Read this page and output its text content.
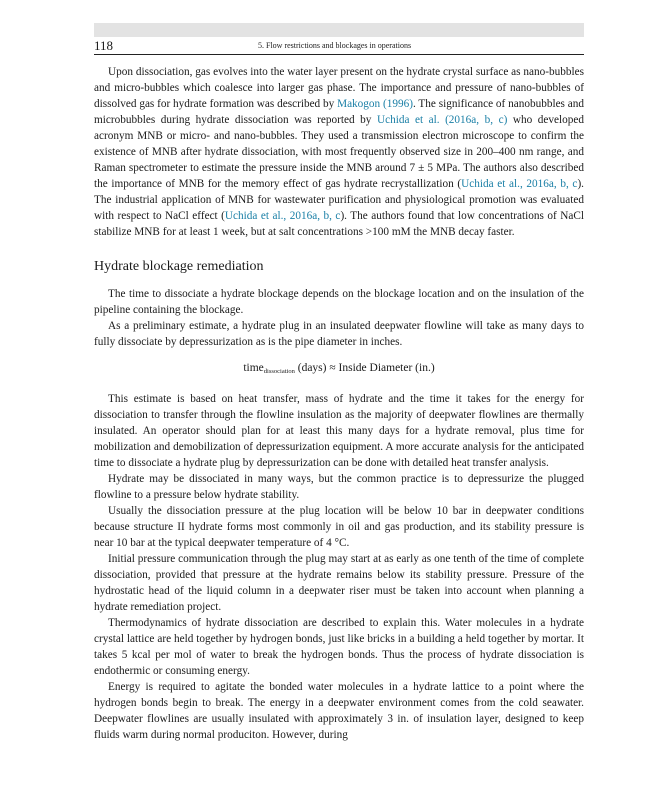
118	5. Flow restrictions and blockages in operations

Upon dissociation, gas evolves into the water layer present on the hydrate crystal surface as nano-bubbles and micro-bubbles which coalesce into larger gas phase. The importance and pressure of nano-bubbles of dissolved gas for hydrate formation was described by Makogon (1996). The significance of nanobubbles and microbubbles during hydrate dissociation was reported by Uchida et al. (2016a, b, c) who developed acronym MNB or micro- and nano-bubbles. They used a transmission electron microscope to confirm the existence of MNB after hydrate dissociation, with most frequently observed size in 200–400 nm range, and Raman spectrometer to estimate the pressure inside the MNB around 7 ± 5 MPa. The authors also described the importance of MNB for the memory effect of gas hydrate recrystallization (Uchida et al., 2016a, b, c). The industrial application of MNB for wastewater purification and physiological promotion was evaluated with respect to NaCl effect (Uchida et al., 2016a, b, c). The authors found that low concentrations of NaCl stabilize MNB for at least 1 week, but at salt concentrations >100 mM the MNB decay faster.

Hydrate blockage remediation

The time to dissociate a hydrate blockage depends on the blockage location and on the insulation of the pipeline containing the blockage.

As a preliminary estimate, a hydrate plug in an insulated deepwater flowline will take as many days to fully dissociate by depressurization as is the pipe diameter in inches.

time$_{dissociation}$ (days) ≈ Inside Diameter (in.)

This estimate is based on heat transfer, mass of hydrate and the time it takes for the energy for dissociation to transfer through the flowline insulation as the majority of deepwater flowlines are thermally insulated. An operator should plan for at least this many days for a hydrate removal, plus time for mobilization and demobilization of depressurization equipment. A more accurate analysis for the anticipated time to dissociate a hydrate plug by depressurization can be done with detailed heat transfer analysis.

Hydrate may be dissociated in many ways, but the common practice is to depressurize the plugged flowline to a pressure below hydrate stability.

Usually the dissociation pressure at the plug location will be below 10 bar in deepwater conditions because structure II hydrate forms most commonly in oil and gas production, and its stability pressure is near 10 bar at the typical deepwater temperature of 4 °C.

Initial pressure communication through the plug may start at as early as one tenth of the time of complete dissociation, provided that pressure at the hydrate remains below its stability pressure. Pressure of the hydrostatic head of the liquid column in a deepwater riser must be taken into account when planning a hydrate remediation project.

Thermodynamics of hydrate dissociation are described to explain this. Water molecules in a hydrate crystal lattice are held together by hydrogen bonds, just like bricks in a building a held together by mortar. It takes 5 kcal per mol of water to break the hydrogen bonds. Thus the process of hydrate dissociation is endothermic or consuming energy.

Energy is required to agitate the bonded water molecules in a hydrate lattice to a point where the hydrogen bonds begin to break. The energy in a deepwater environment comes from the cold seawater. Deepwater flowlines are usually insulated with approximately 3 in. of insulation layer, designed to keep fluids warm during normal produciton. However, during
